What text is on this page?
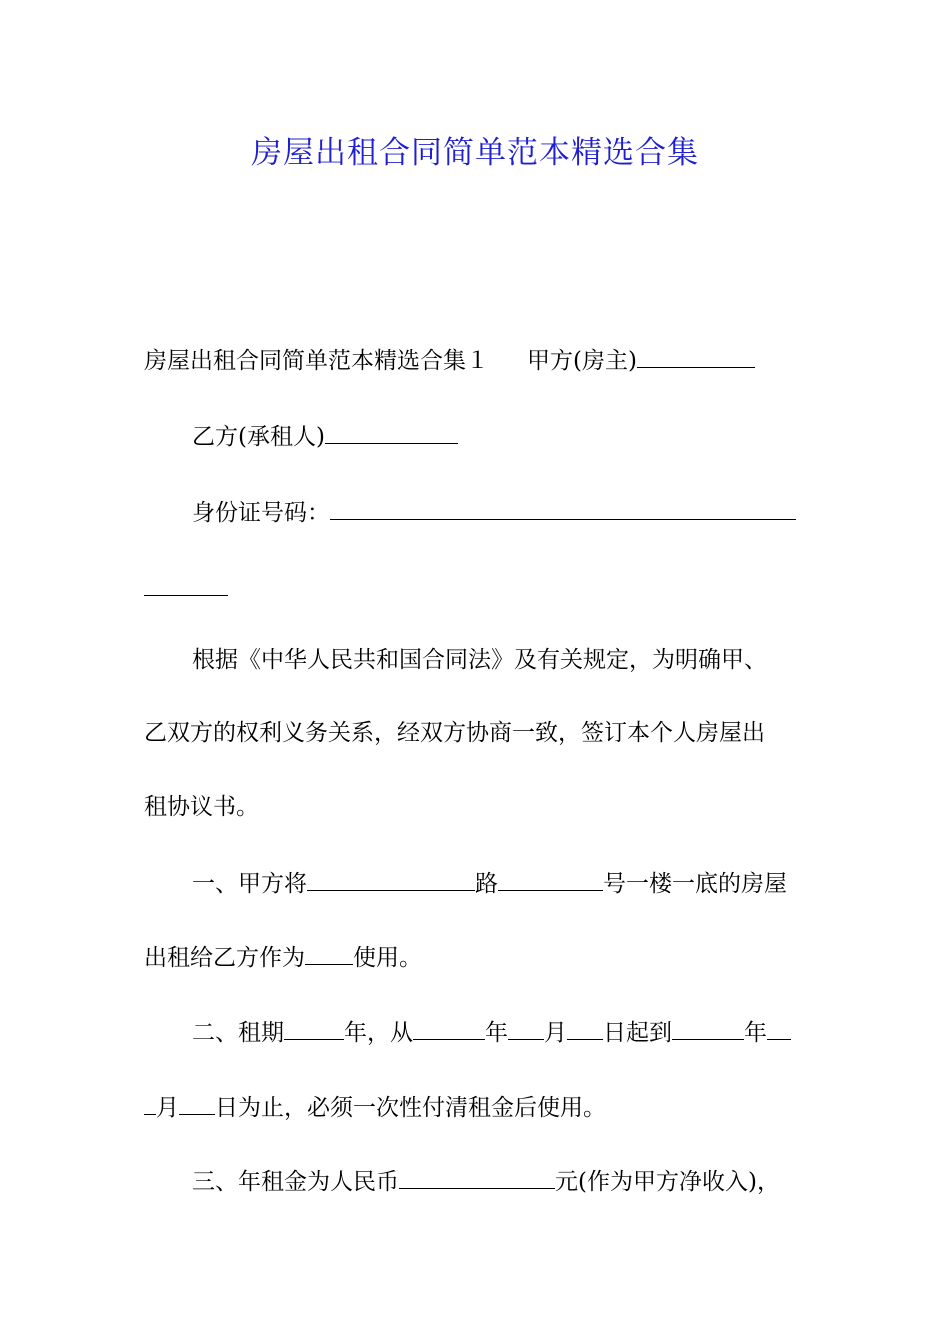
房屋出租合同简单范本精选合集
房屋出租合同简单范本精选合集１ 甲方(房主)
乙方(承租人)
身份证号码：
根据《中华人民共和国合同法》及有关规定，为明确甲、
乙双方的权利义务关系，经双方协商一致，签订本个人房屋出
租协议书。
一、甲方将	路	号一楼一底的房屋
出租给乙方作为 使用。
二、租期	年，从	年 月 日起到	年
月 日为止，必须一次性付清租金后使用。
三、年租金为人民币	元(作为甲方净收入)，
